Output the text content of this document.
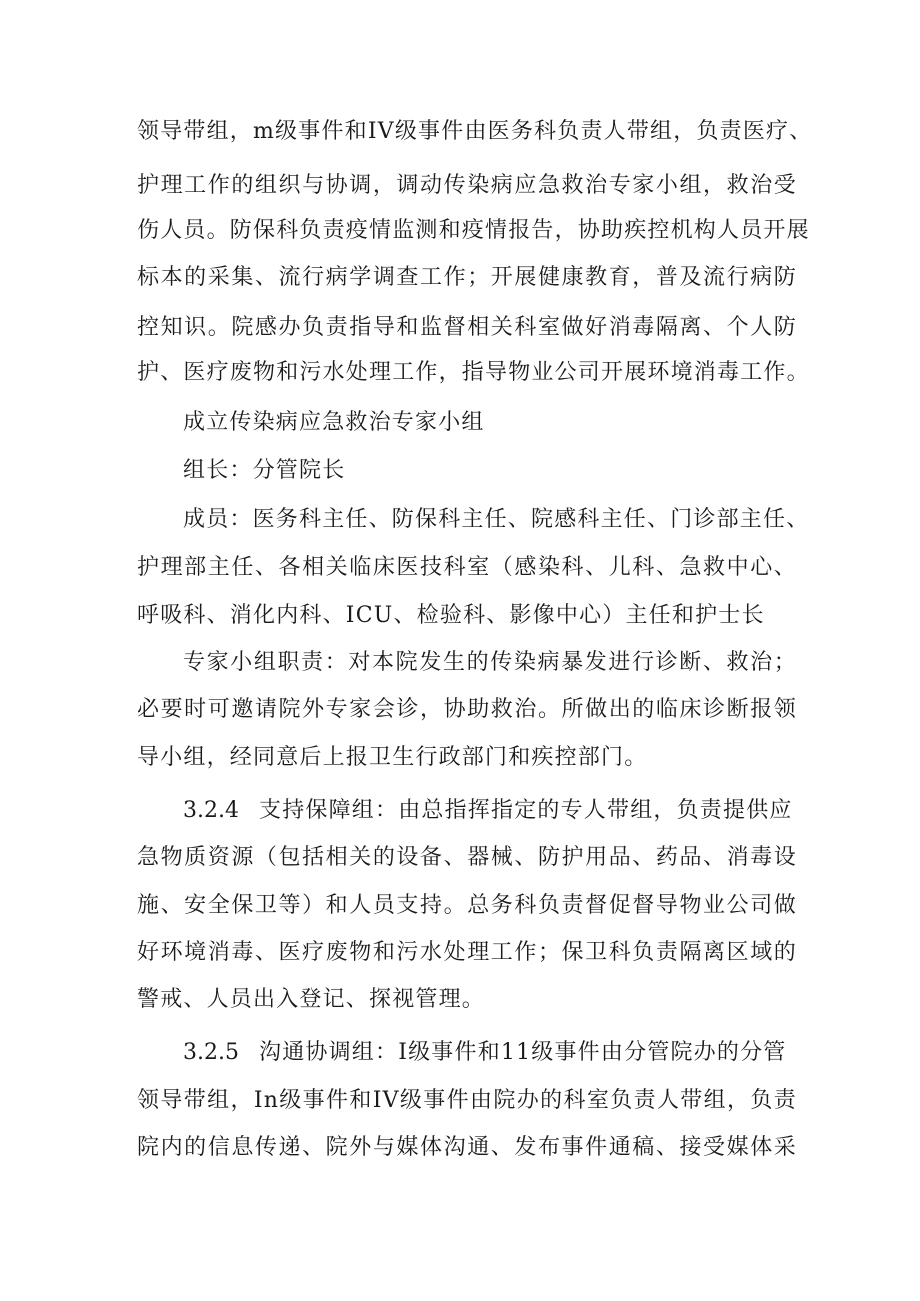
领导带组，m级事件和IV级事件由医务科负责人带组，负责医疗、
护理工作的组织与协调，调动传染病应急救治专家小组，救治受
伤人员。防保科负责疫情监测和疫情报告，协助疾控机构人员开展
标本的采集、流行病学调查工作；开展健康教育，普及流行病防
控知识。院感办负责指导和监督相关科室做好消毒隔离、个人防
护、医疗废物和污水处理工作，指导物业公司开展环境消毒工作。
成立传染病应急救治专家小组
组长：分管院长
成员：医务科主任、防保科主任、院感科主任、门诊部主任、
护理部主任、各相关临床医技科室（感染科、儿科、急救中心、
呼吸科、消化内科、ICU、检验科、影像中心）主任和护士长
专家小组职责：对本院发生的传染病暴发进行诊断、救治；
必要时可邀请院外专家会诊，协助救治。所做出的临床诊断报领
导小组，经同意后上报卫生行政部门和疾控部门。
3.2.4 支持保障组：由总指挥指定的专人带组，负责提供应
急物质资源（包括相关的设备、器械、防护用品、药品、消毒设
施、安全保卫等）和人员支持。总务科负责督促督导物业公司做
好环境消毒、医疗废物和污水处理工作；保卫科负责隔离区域的
警戒、人员出入登记、探视管理。
3.2.5 沟通协调组：I级事件和11级事件由分管院办的分管
领导带组，In级事件和IV级事件由院办的科室负责人带组，负责
院内的信息传递、院外与媒体沟通、发布事件通稿、接受媒体采
